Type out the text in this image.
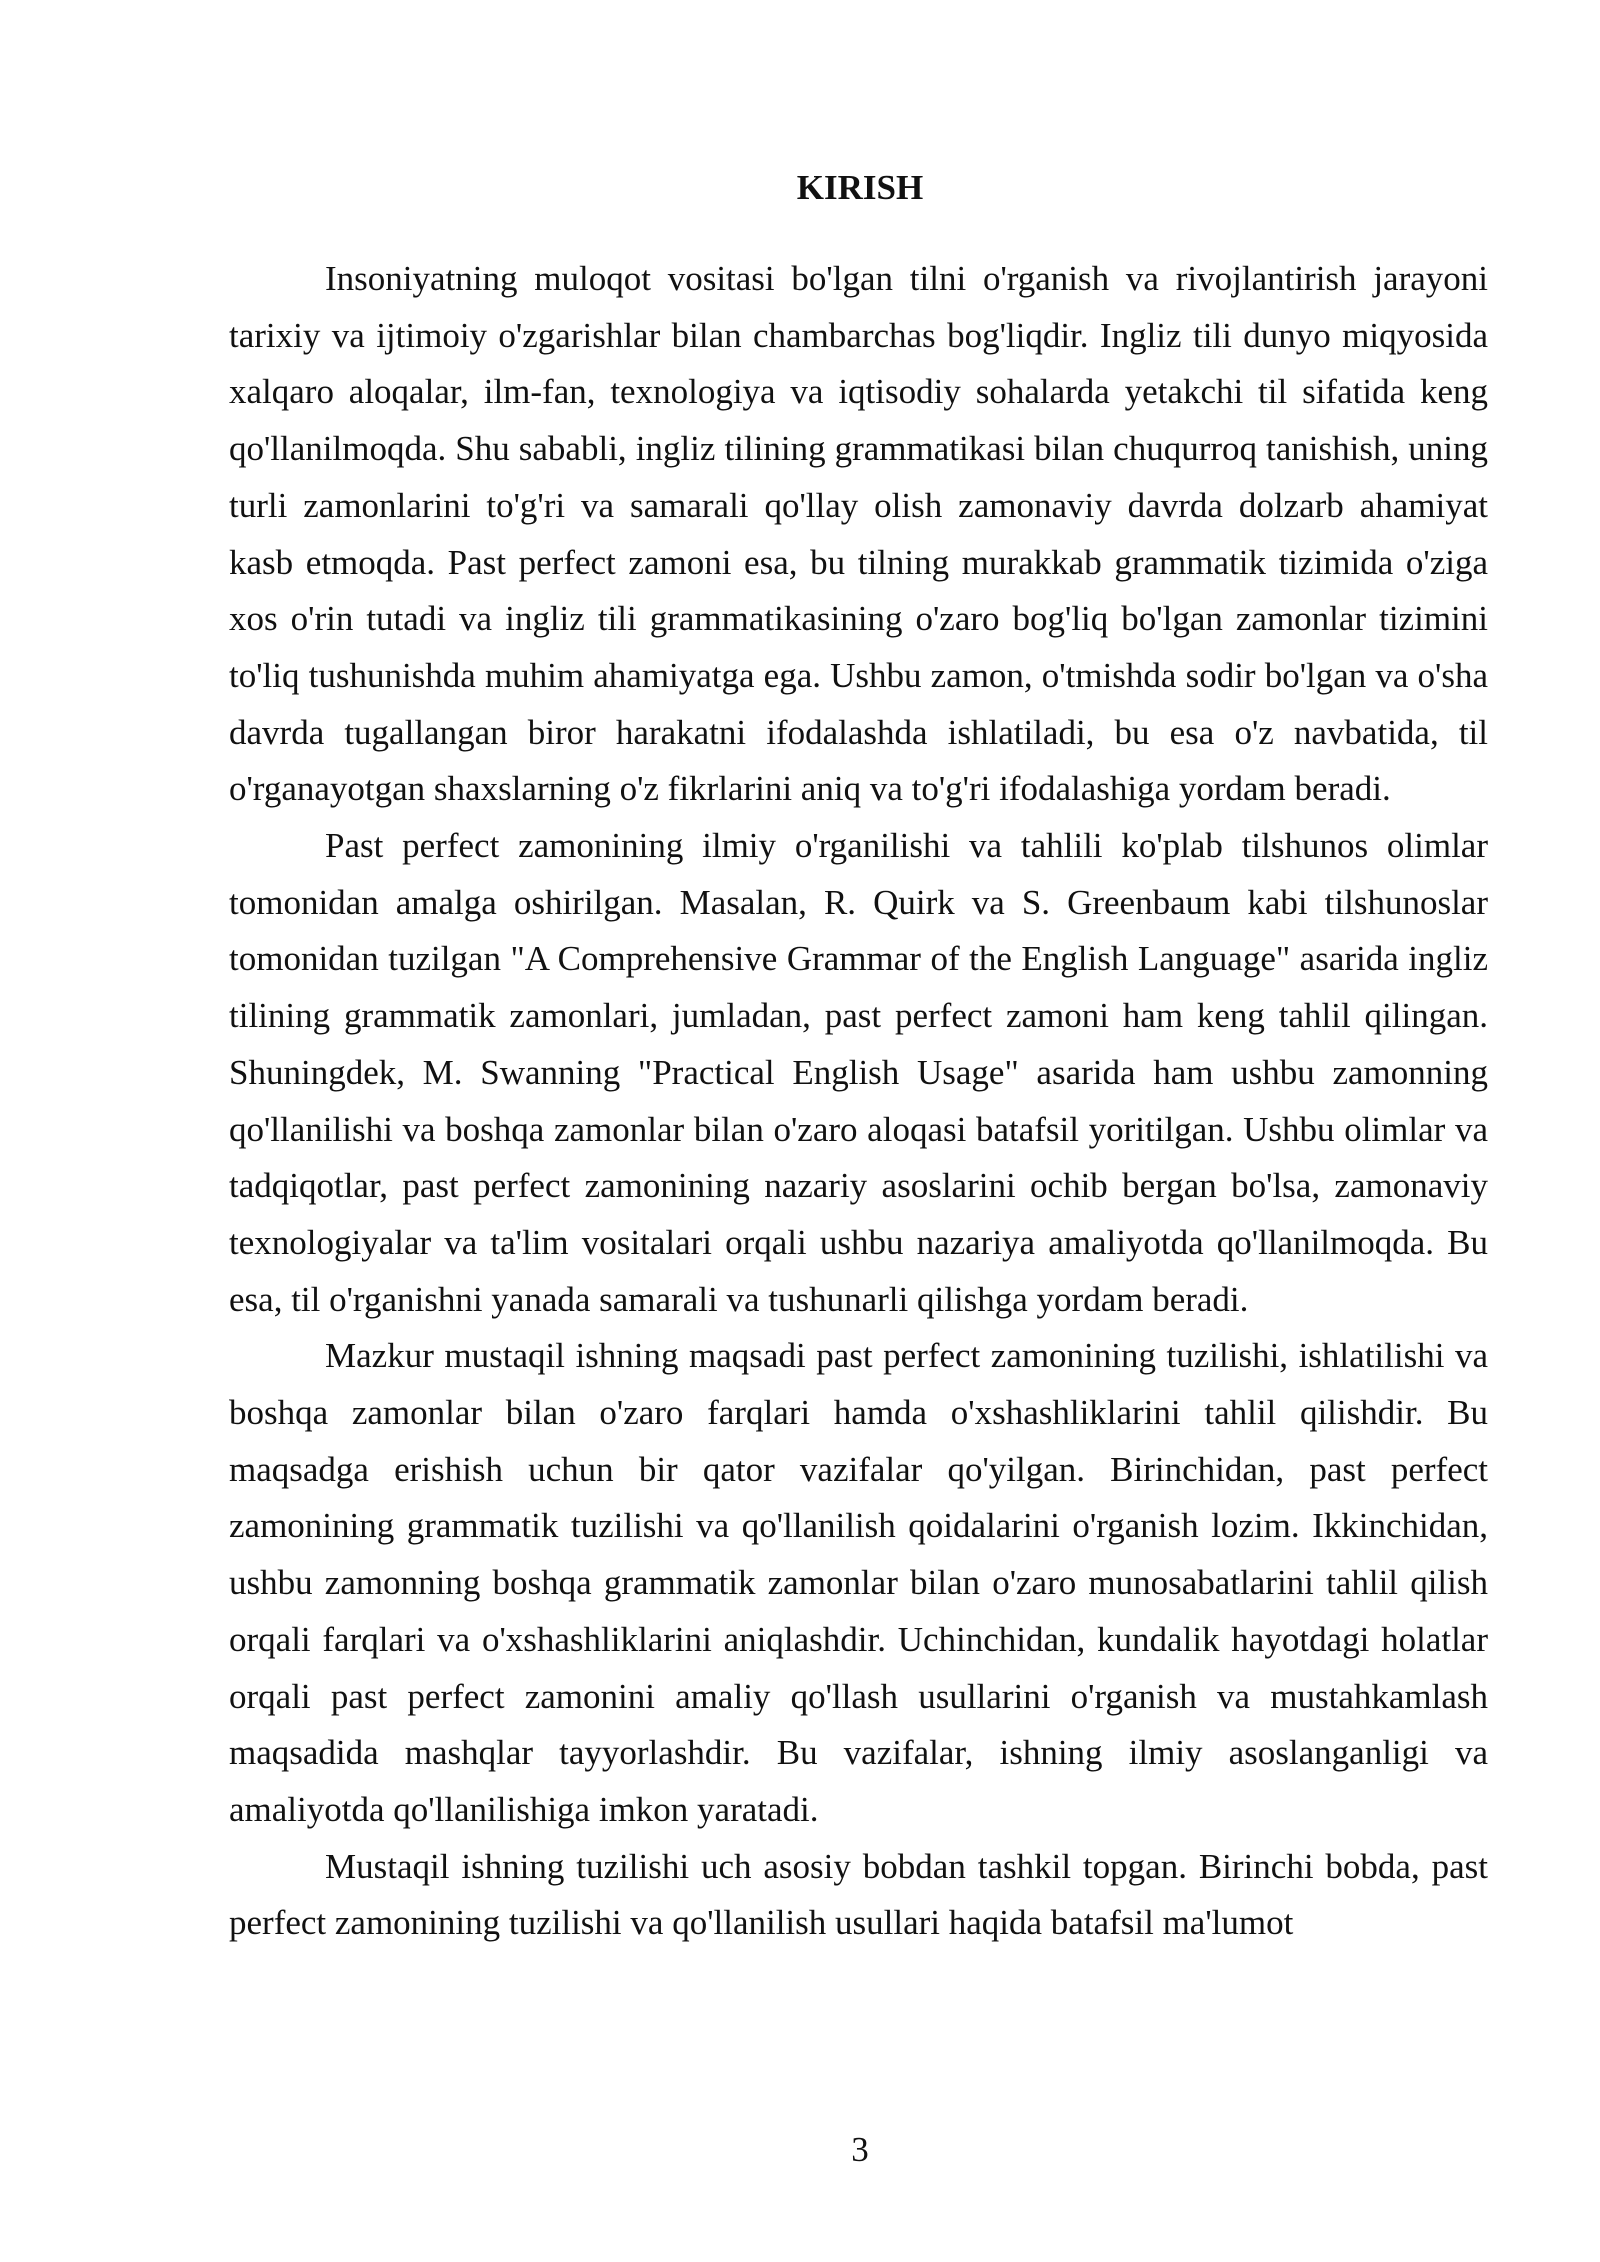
KIRISH

Insoniyatning muloqot vositasi bo'lgan tilni o'rganish va rivojlantirish jarayoni tarixiy va ijtimoiy o'zgarishlar bilan chambarchas bog'liqdir. Ingliz tili dunyo miqyosida xalqaro aloqalar, ilm-fan, texnologiya va iqtisodiy sohalarda yetakchi til sifatida keng qo'llanilmoqda. Shu sababli, ingliz tilining grammatikasi bilan chuqurroq tanishish, uning turli zamonlarini to'g'ri va samarali qo'llay olish zamonaviy davrda dolzarb ahamiyat kasb etmoqda. Past perfect zamoni esa, bu tilning murakkab grammatik tizimida o'ziga xos o'rin tutadi va ingliz tili grammatikasining o'zaro bog'liq bo'lgan zamonlar tizimini to'liq tushunishda muhim ahamiyatga ega. Ushbu zamon, o'tmishda sodir bo'lgan va o'sha davrda tugallangan biror harakatni ifodalashda ishlatiladi, bu esa o'z navbatida, til o'rganayotgan shaxslarning o'z fikrlarini aniq va to'g'ri ifodalashiga yordam beradi.

Past perfect zamonining ilmiy o'rganilishi va tahlili ko'plab tilshunos olimlar tomonidan amalga oshirilgan. Masalan, R. Quirk va S. Greenbaum kabi tilshunoslar tomonidan tuzilgan "A Comprehensive Grammar of the English Language" asarida ingliz tilining grammatik zamonlari, jumladan, past perfect zamoni ham keng tahlil qilingan. Shuningdek, M. Swanning "Practical English Usage" asarida ham ushbu zamonning qo'llanilishi va boshqa zamonlar bilan o'zaro aloqasi batafsil yoritilgan. Ushbu olimlar va tadqiqotlar, past perfect zamonining nazariy asoslarini ochib bergan bo'lsa, zamonaviy texnologiyalar va ta'lim vositalari orqali ushbu nazariya amaliyotda qo'llanilmoqda. Bu esa, til o'rganishni yanada samarali va tushunarli qilishga yordam beradi.

Mazkur mustaqil ishning maqsadi past perfect zamonining tuzilishi, ishlatilishi va boshqa zamonlar bilan o'zaro farqlari hamda o'xshashliklarini tahlil qilishdir. Bu maqsadga erishish uchun bir qator vazifalar qo'yilgan. Birinchidan, past perfect zamonining grammatik tuzilishi va qo'llanilish qoidalarini o'rganish lozim. Ikkinchidan, ushbu zamonning boshqa grammatik zamonlar bilan o'zaro munosabatlarini tahlil qilish orqali farqlari va o'xshashliklarini aniqlashdir. Uchinchidan, kundalik hayotdagi holatlar orqali past perfect zamonini amaliy qo'llash usullarini o'rganish va mustahkamlash maqsadida mashqlar tayyorlashdir. Bu vazifalar, ishning ilmiy asoslanganligi va amaliyotda qo'llanilishiga imkon yaratadi.

Mustaqil ishning tuzilishi uch asosiy bobdan tashkil topgan. Birinchi bobda, past perfect zamonining tuzilishi va qo'llanilish usullari haqida batafsil ma'lumot

3
